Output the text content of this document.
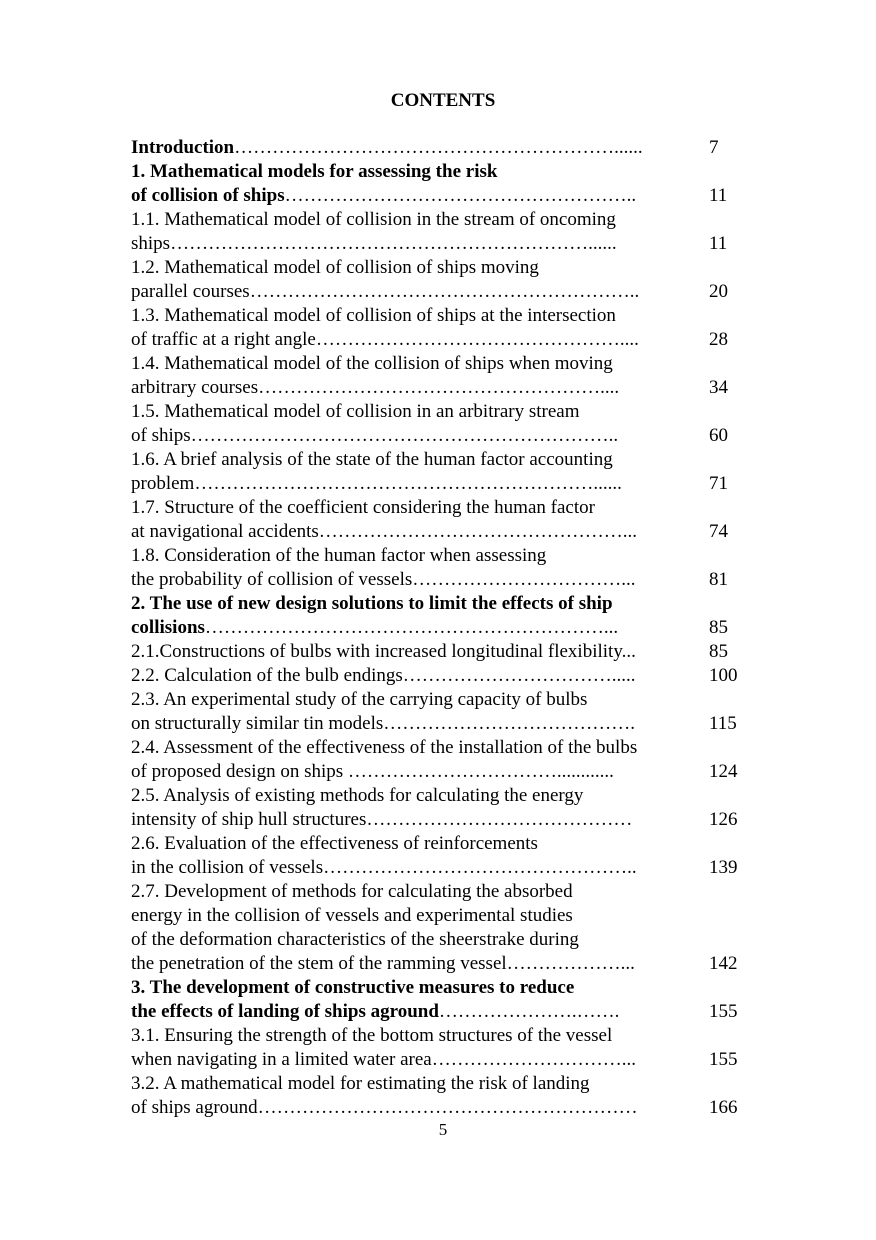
CONTENTS
Introduction……………………………………………………......	7
1. Mathematical models for assessing the risk
of collision of ships………………………………………………..	11
1.1. Mathematical model of collision in the stream of oncoming
ships…………………………………………………………......	11
1.2. Mathematical model of collision of ships moving
parallel courses……………………………………………………..	20
1.3. Mathematical model of collision of ships at the intersection
of traffic at a right angle…………………………………………....	28
1.4. Mathematical model of the collision of ships when moving
arbitrary courses………………………………………………....	34
1.5. Mathematical model of collision in an arbitrary stream
of ships…………………………………………………………..	60
1.6. A brief analysis of the state of the human factor accounting
problem………………………………………………………......	71
1.7. Structure of the coefficient considering the human factor
at navigational accidents…………………………………………...	74
1.8. Consideration of the human factor when assessing
the probability of collision of vessels……………………………...	81
2. The use of new design solutions to limit the effects of ship
collisions………………………………………………………...	85
2.1.Constructions of bulbs with increased longitudinal flexibility...	85
2.2. Calculation of the bulb endings…………………………….....	100
2.3. An experimental study of the carrying capacity of bulbs
on structurally similar tin models………………………………….	115
2.4. Assessment of the effectiveness of the installation of the bulbs
of proposed design on ships ……………………………............	124
2.5. Analysis of existing methods for calculating the energy
intensity of ship hull structures……………………………………	126
2.6. Evaluation of the effectiveness of reinforcements
in the collision of vessels…………………………………………..	139
2.7. Development of methods for calculating the absorbed
energy in the collision of vessels and experimental studies
of the deformation characteristics of the sheerstrake during
the penetration of the stem of the ramming vessel………………...	142
3. The development of constructive measures to reduce
the effects of landing of ships aground………………….…….	155
3.1. Ensuring the strength of the bottom structures of the vessel
when navigating in a limited water area…………………………...	155
3.2. A mathematical model for estimating the risk of landing
of ships aground……………………………………………………	166
5
